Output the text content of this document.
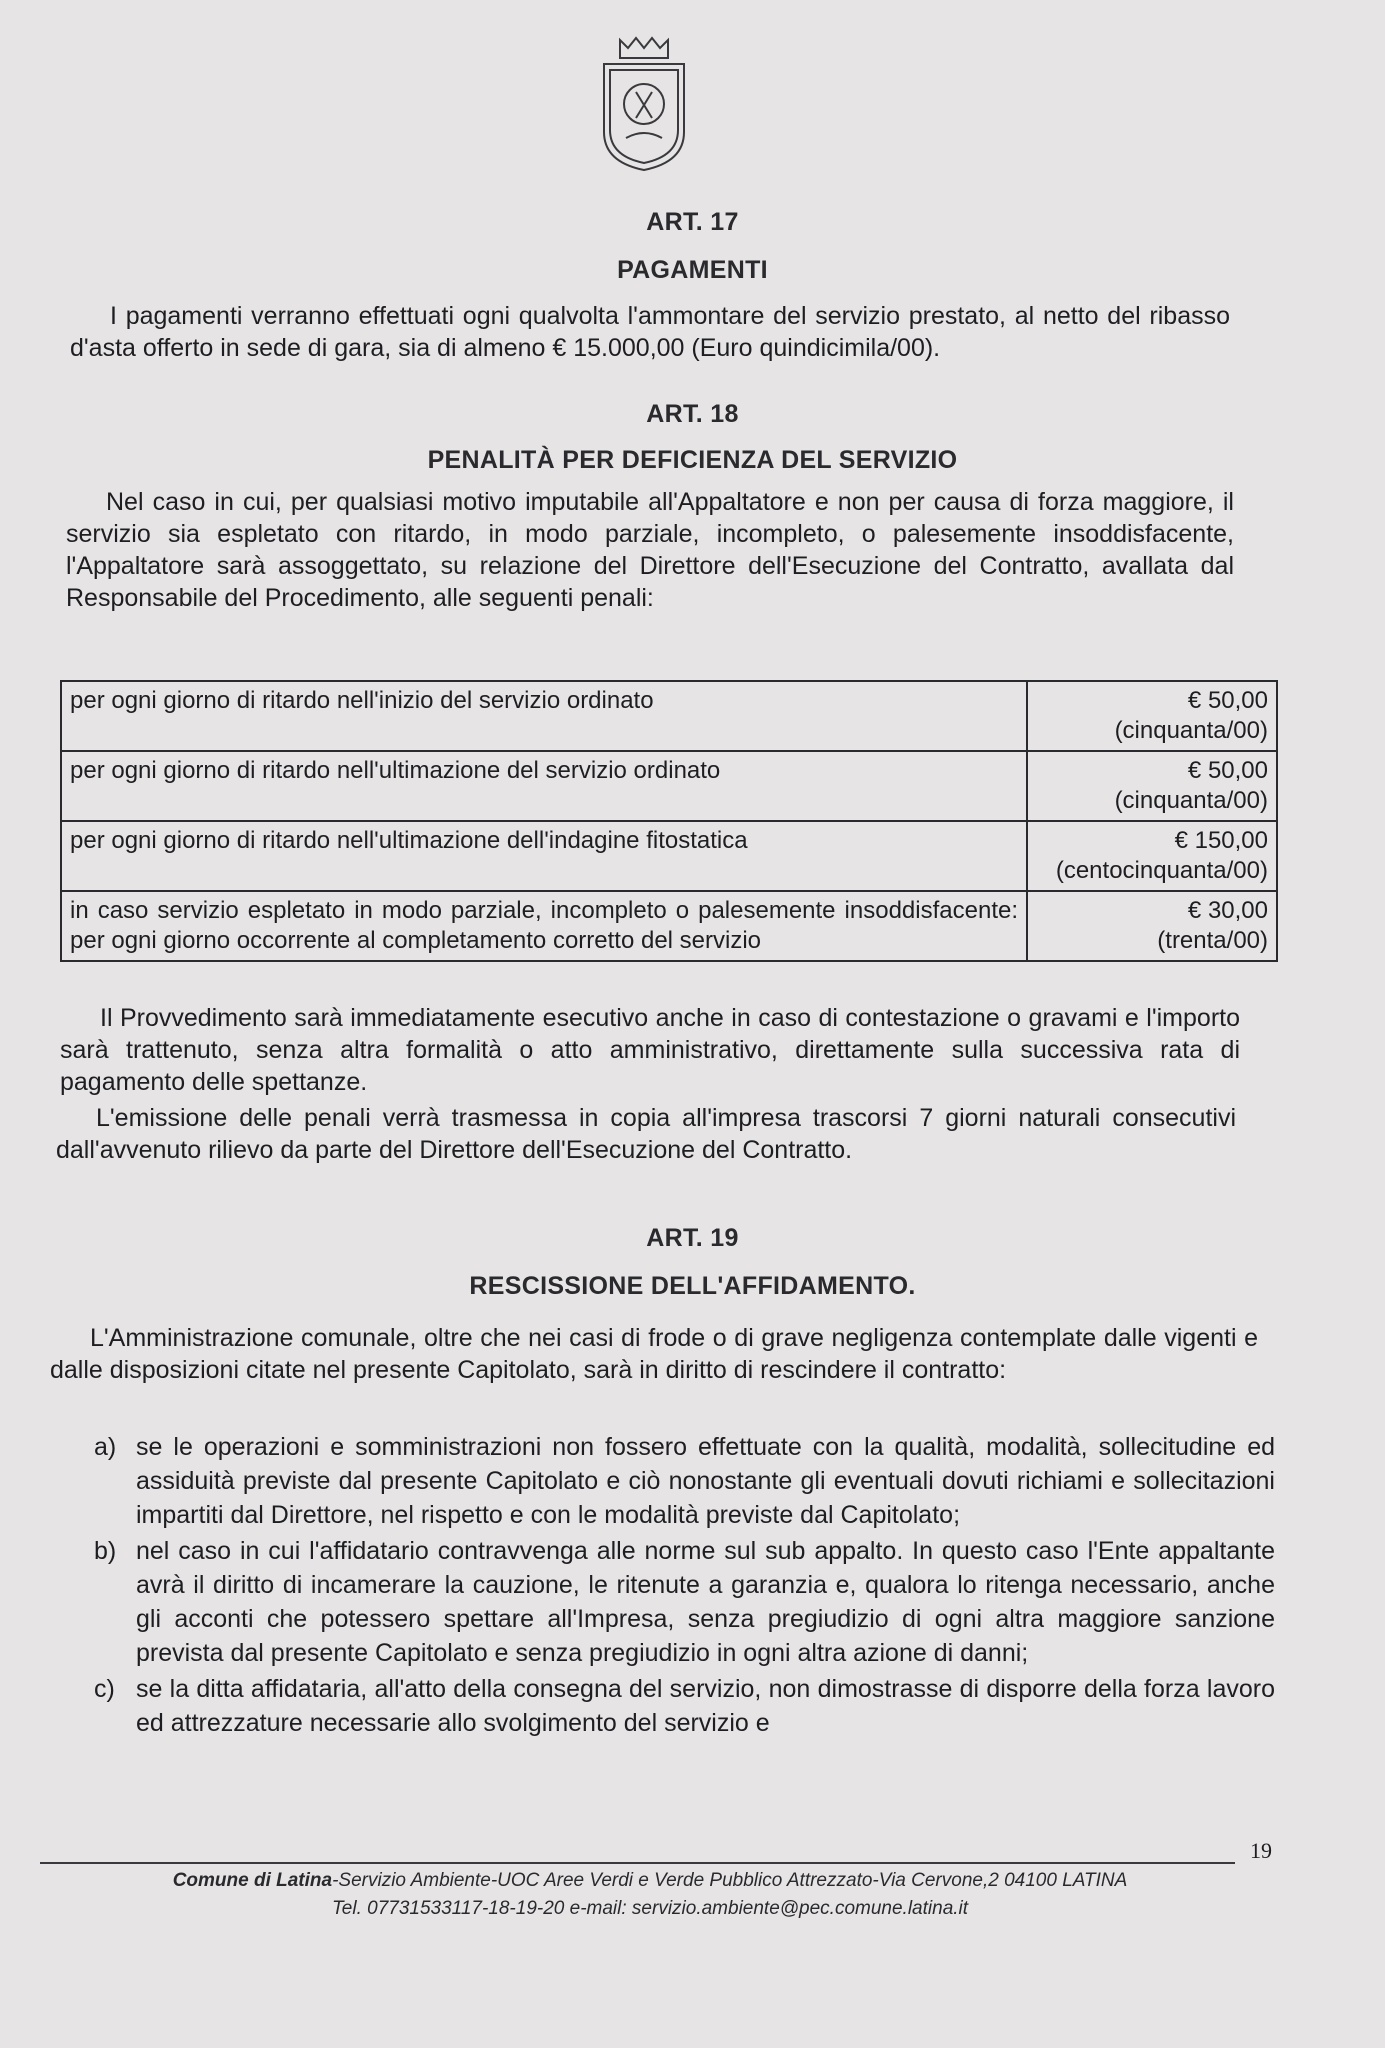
ART. 17
PAGAMENTI

I pagamenti verranno effettuati ogni qualvolta l'ammontare del servizio prestato, al netto del ribasso d'asta offerto in sede di gara, sia di almeno € 15.000,00 (Euro quindicimila/00).

ART. 18
PENALITÀ PER DEFICIENZA DEL SERVIZIO

Nel caso in cui, per qualsiasi motivo imputabile all'Appaltatore e non per causa di forza maggiore, il servizio sia espletato con ritardo, in modo parziale, incompleto, o palesemente insoddisfacente, l'Appaltatore sarà assoggettato, su relazione del Direttore dell'Esecuzione del Contratto, avallata dal Responsabile del Procedimento, alle seguenti penali:

per ogni giorno di ritardo nell'inizio del servizio ordinato	€ 50,00
(cinquanta/00)

per ogni giorno di ritardo nell'ultimazione del servizio ordinato	€ 50,00
(cinquanta/00)

per ogni giorno di ritardo nell'ultimazione dell'indagine fitostatica	€ 150,00
(centocinquanta/00)

in caso servizio espletato in modo parziale, incompleto o palesemente insoddisfacente: per ogni giorno occorrente al completamento corretto del servizio	€ 30,00
(trenta/00)

Il Provvedimento sarà immediatamente esecutivo anche in caso di contestazione o gravami e l'importo sarà trattenuto, senza altra formalità o atto amministrativo, direttamente sulla successiva rata di pagamento delle spettanze.

L'emissione delle penali verrà trasmessa in copia all'impresa trascorsi 7 giorni naturali consecutivi dall'avvenuto rilievo da parte del Direttore dell'Esecuzione del Contratto.

ART. 19
RESCISSIONE DELL'AFFIDAMENTO.

L'Amministrazione comunale, oltre che nei casi di frode o di grave negligenza contemplate dalle vigenti e dalle disposizioni citate nel presente Capitolato, sarà in diritto di rescindere il contratto:

a) se le operazioni e somministrazioni non fossero effettuate con la qualità, modalità, sollecitudine ed assiduità previste dal presente Capitolato e ciò nonostante gli eventuali dovuti richiami e sollecitazioni impartiti dal Direttore, nel rispetto e con le modalità previste dal Capitolato;
b) nel caso in cui l'affidatario contravvenga alle norme sul sub appalto. In questo caso l'Ente appaltante avrà il diritto di incamerare la cauzione, le ritenute a garanzia e, qualora lo ritenga necessario, anche gli acconti che potessero spettare all'Impresa, senza pregiudizio di ogni altra maggiore sanzione prevista dal presente Capitolato e senza pregiudizio in ogni altra azione di danni;
c) se la ditta affidataria, all'atto della consegna del servizio, non dimostrasse di disporre della forza lavoro ed attrezzature necessarie allo svolgimento del servizio e
19
Comune di Latina-Servizio Ambiente-UOC Aree Verdi e Verde Pubblico Attrezzato-Via Cervone,2 04100 LATINA
Tel. 07731533117-18-19-20 e-mail: servizio.ambiente@pec.comune.latina.it
